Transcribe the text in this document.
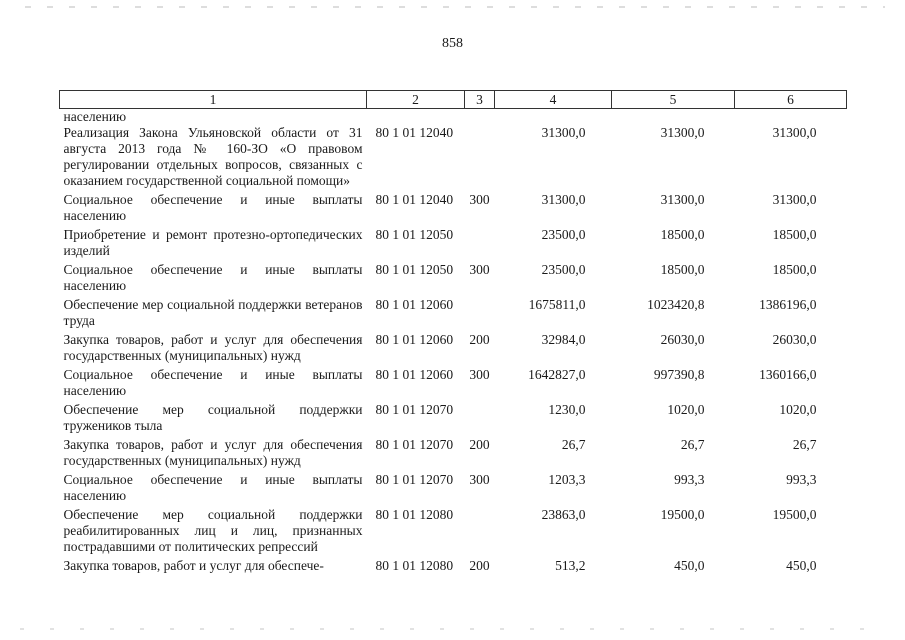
858
1	2	3	4	5	6
населению					
Реализация Закона Ульяновской области от 31 августа 2013 года № 160-ЗО «О правовом регулировании отдельных вопросов, связанных с оказанием государственной социальной помощи»	80 1 01 12040		31300,0	31300,0	31300,0
Социальное обеспечение и иные выплаты населению	80 1 01 12040	300	31300,0	31300,0	31300,0
Приобретение и ремонт протезно-ортопедических изделий	80 1 01 12050		23500,0	18500,0	18500,0
Социальное обеспечение и иные выплаты населению	80 1 01 12050	300	23500,0	18500,0	18500,0
Обеспечение мер социальной поддержки ветеранов труда	80 1 01 12060		1675811,0	1023420,8	1386196,0
Закупка товаров, работ и услуг для обеспечения государственных (муниципальных) нужд	80 1 01 12060	200	32984,0	26030,0	26030,0
Социальное обеспечение и иные выплаты населению	80 1 01 12060	300	1642827,0	997390,8	1360166,0
Обеспечение мер социальной поддержки тружеников тыла	80 1 01 12070		1230,0	1020,0	1020,0
Закупка товаров, работ и услуг для обеспечения государственных (муниципальных) нужд	80 1 01 12070	200	26,7	26,7	26,7
Социальное обеспечение и иные выплаты населению	80 1 01 12070	300	1203,3	993,3	993,3
Обеспечение мер социальной поддержки реабилитированных лиц и лиц, признанных пострадавшими от политических репрессий	80 1 01 12080		23863,0	19500,0	19500,0
Закупка товаров, работ и услуг для обеспече-	80 1 01 12080	200	513,2	450,0	450,0
